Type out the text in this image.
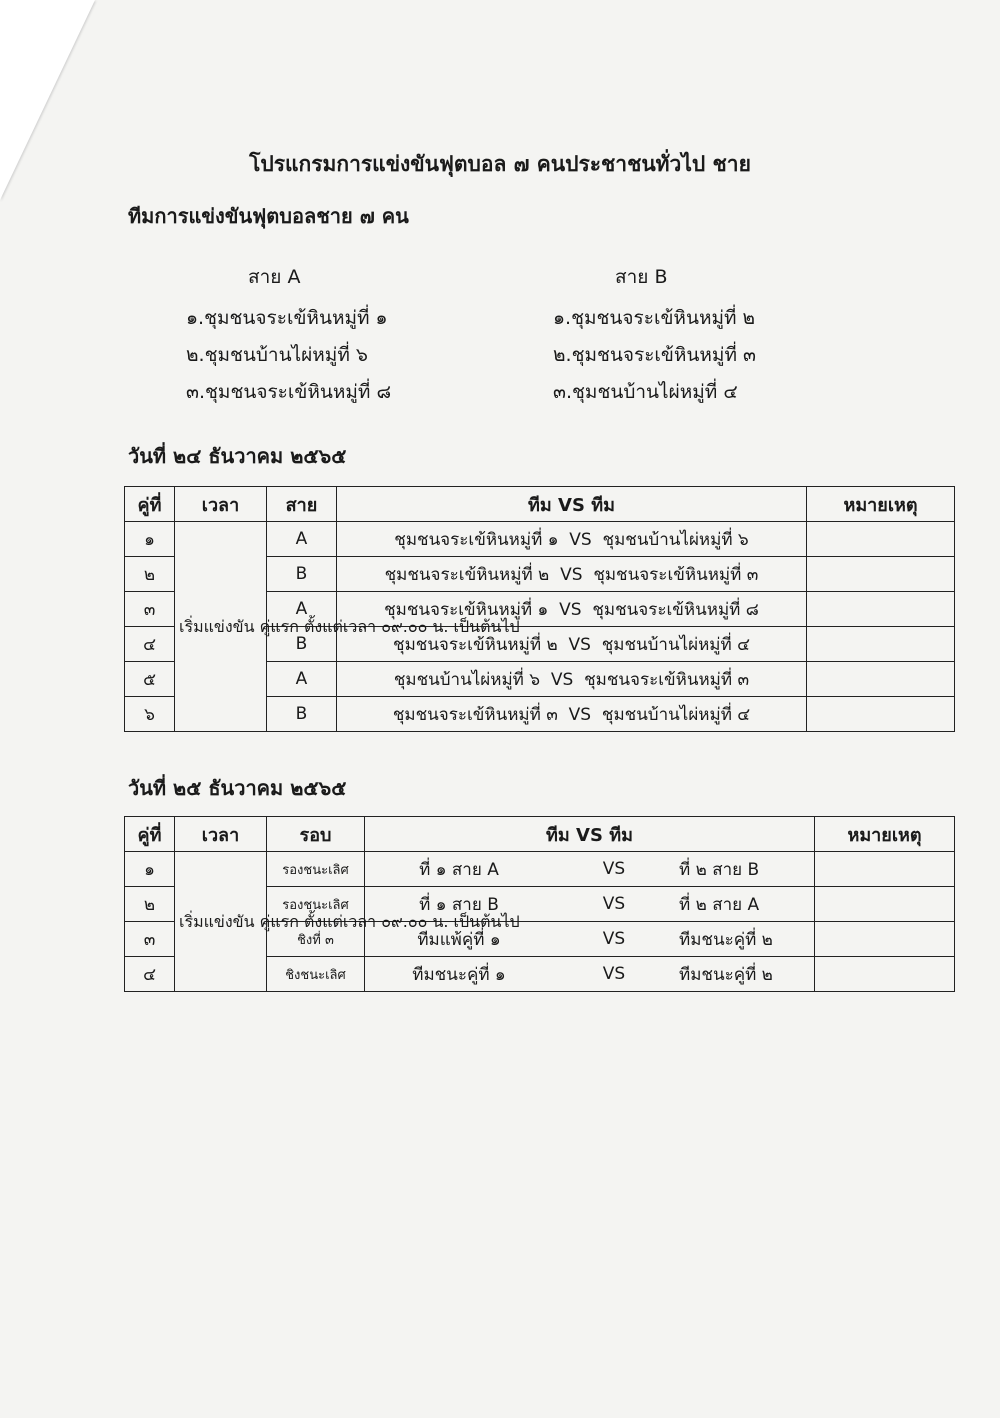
โปรแกรมการแข่งขันฟุตบอล ๗ คนประชาชนทั่วไป ชาย
ทีมการแข่งขันฟุตบอลชาย ๗ คน
สาย A	สาย B
๑.ชุมชนจระเข้หินหมู่ที่ ๑
๒.ชุมชนบ้านไผ่หมู่ที่ ๖
๓.ชุมชนจระเข้หินหมู่ที่ ๘
๑.ชุมชนจระเข้หินหมู่ที่ ๒
๒.ชุมชนจระเข้หินหมู่ที่ ๓
๓.ชุมชนบ้านไผ่หมู่ที่ ๔
วันที่ ๒๔ ธันวาคม ๒๕๖๕
คู่ที่	เวลา	สาย	ทีม VS ทีม	หมายเหตุ
๑	เริ่มแข่งขัน คู่แรก ตั้งแต่เวลา ๐๙.๐๐ น. เป็นต้นไป	A	ชุมชนจระเข้หินหมู่ที่ ๑ VS ชุมชนบ้านไผ่หมู่ที่ ๖	
๒		B	ชุมชนจระเข้หินหมู่ที่ ๒ VS ชุมชนจระเข้หินหมู่ที่ ๓	
๓		A	ชุมชนจระเข้หินหมู่ที่ ๑ VS ชุมชนจระเข้หินหมู่ที่ ๘	
๔		B	ชุมชนจระเข้หินหมู่ที่ ๒ VS ชุมชนบ้านไผ่หมู่ที่ ๔	
๕		A	ชุมชนบ้านไผ่หมู่ที่ ๖ VS ชุมชนจระเข้หินหมู่ที่ ๓	
๖		B	ชุมชนจระเข้หินหมู่ที่ ๓ VS ชุมชนบ้านไผ่หมู่ที่ ๔	
วันที่ ๒๕ ธันวาคม ๒๕๖๕
คู่ที่	เวลา	รอบ	ทีม VS ทีม	หมายเหตุ
๑	เริ่มแข่งขัน คู่แรก ตั้งแต่เวลา ๐๙.๐๐ น. เป็นต้นไป	รองชนะเลิศ	ที่ ๑ สาย A VS ที่ ๒ สาย B	

๒		รองชนะเลิศ	ที่ ๑ สาย B VS ที่ ๒ สาย A	

๓		ชิงที่ ๓	ทีมแพ้คู่ที่ ๑ VS ทีมชนะคู่ที่ ๒	

๔		ชิงชนะเลิศ	ทีมชนะคู่ที่ ๑ VS ทีมชนะคู่ที่ ๒	
